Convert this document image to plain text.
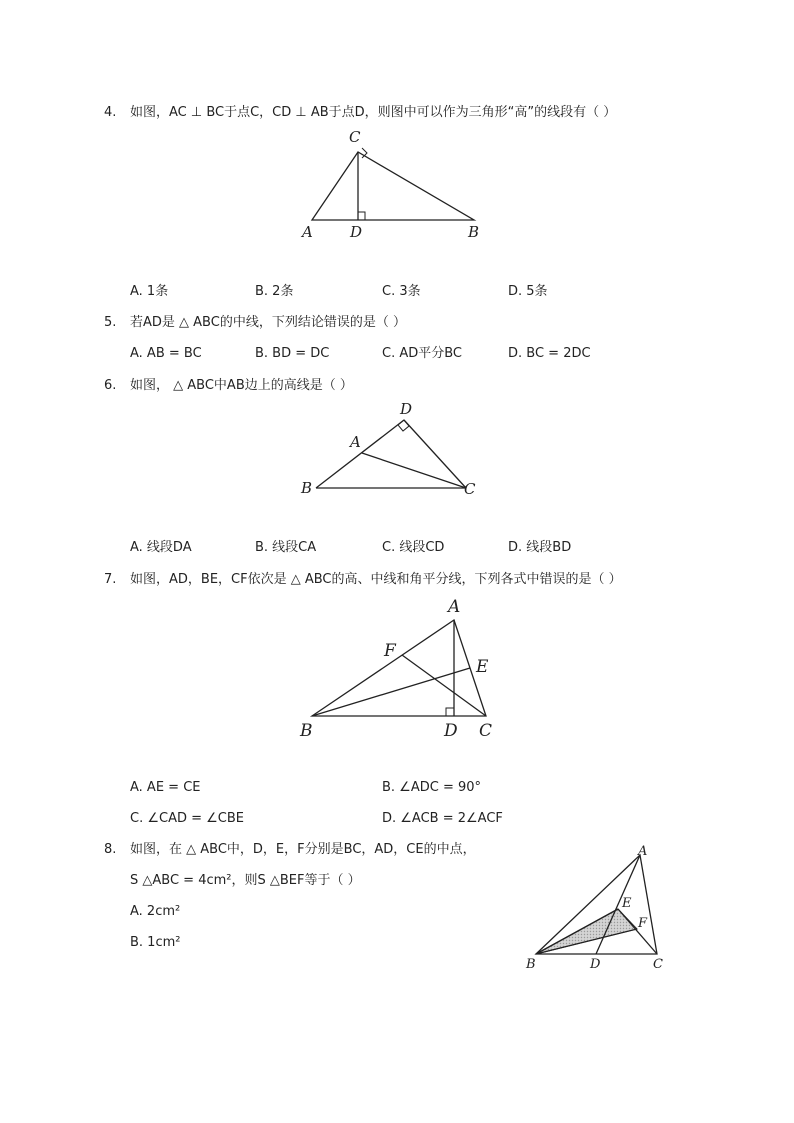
4. 如图，AC ⊥ BC于点C，CD ⊥ AB于点D，则图中可以作为三角形“高”的线段有（ ）
C
A D	B
A. 1条	B. 2条	C. 3条	D. 5条
5. 若AD是 △ ABC的中线，下列结论错误的是（ ）
A. AB = BC	B. BD = DC	C. AD平分BC	D. BC = 2DC
6. 如图， △ ABC中AB边上的高线是（ ）
D
A
B	C
A. 线段DA	B. 线段CA	C. 线段CD	D. 线段BD
7. 如图，AD，BE，CF依次是 △ ABC的高、中线和角平分线，下列各式中错误的是（ ）
A
F
E
B	D C
A. AE = CE	B. ∠ADC = 90°
C. ∠CAD = ∠CBE	D. ∠ACB = 2∠ACF
8. 如图，在 △ ABC中，D，E，F分别是BC，AD，CE的中点，
S △ABC = 4cm²，则S △BEF等于（ ）
A. 2cm²
B. 1cm²
A
E
F
B	D	C
